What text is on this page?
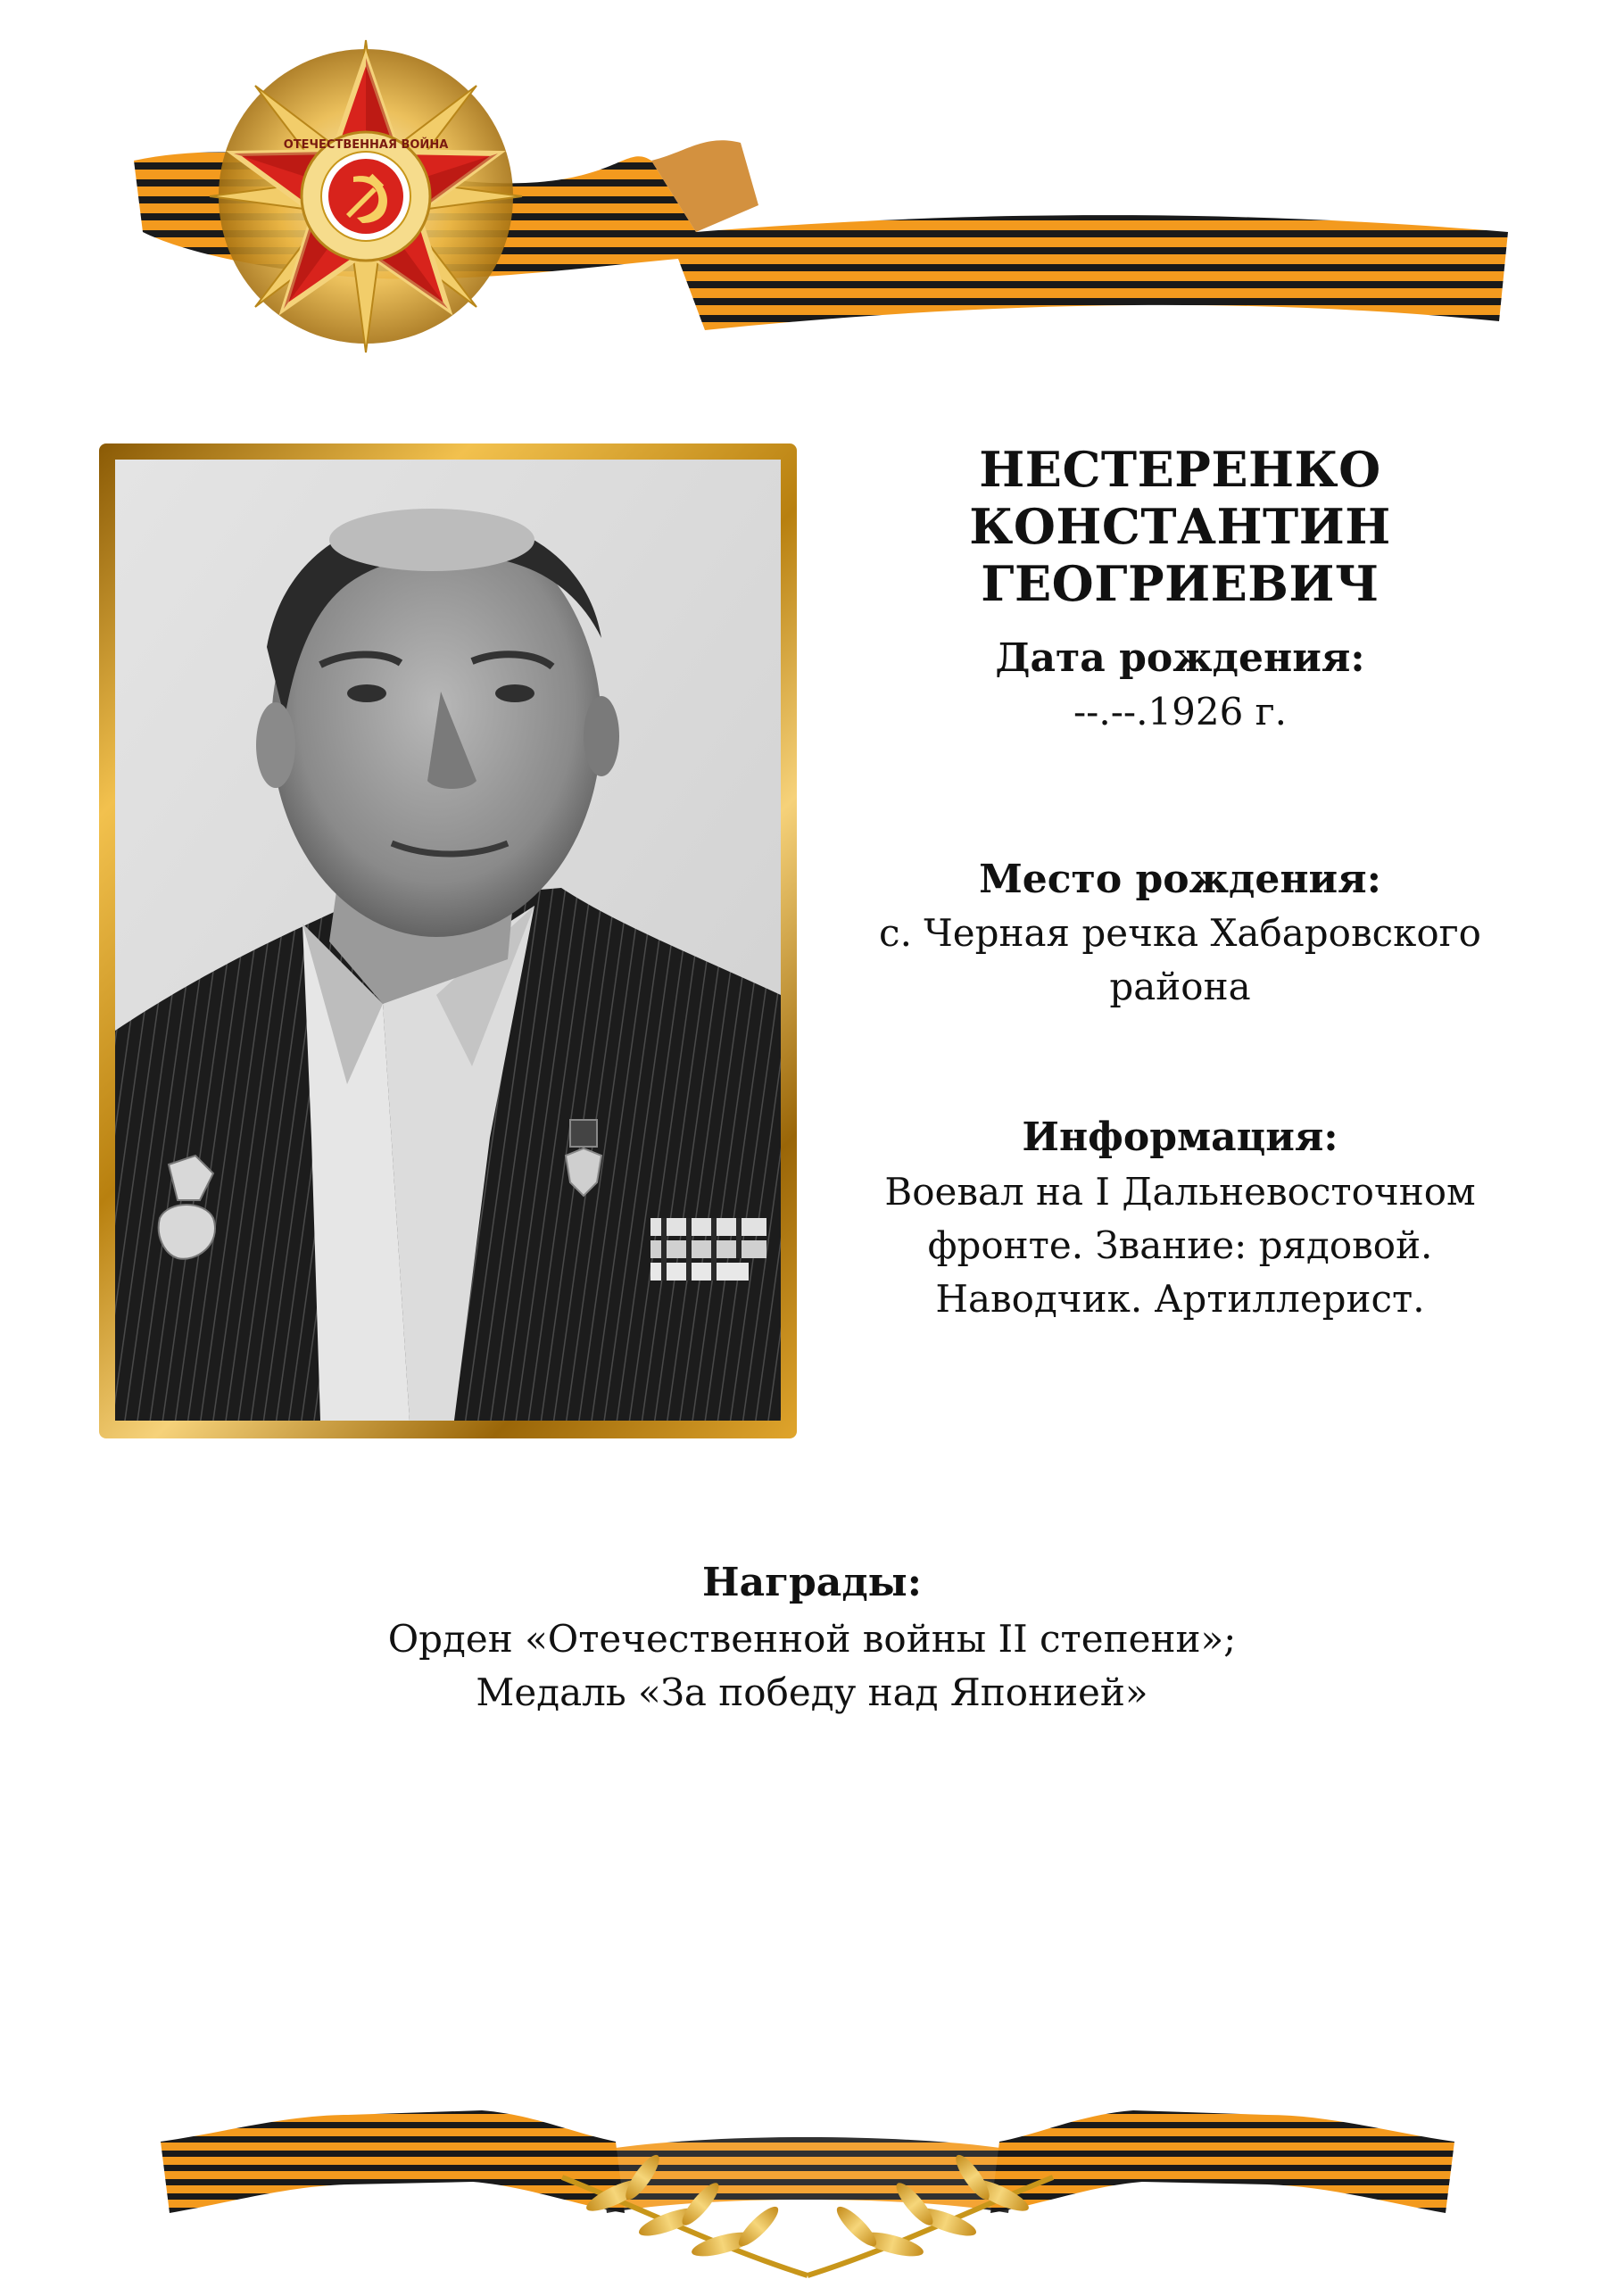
ОТЕЧЕСТВЕННАЯ ВОЙНА
НЕСТЕРЕНКО КОНСТАНТИН
ГЕОГРИЕВИЧ

Дата рождения:

--.--.1926 г.

Место рождения:

с. Черная речка Хабаровского
района

Информация:

Воевал на I Дальневосточном
фронте. Звание: рядовой.
Наводчик. Артиллерист.

Награды:

Орден «Отечественной войны II степени»;
Медаль «За победу над Японией»
